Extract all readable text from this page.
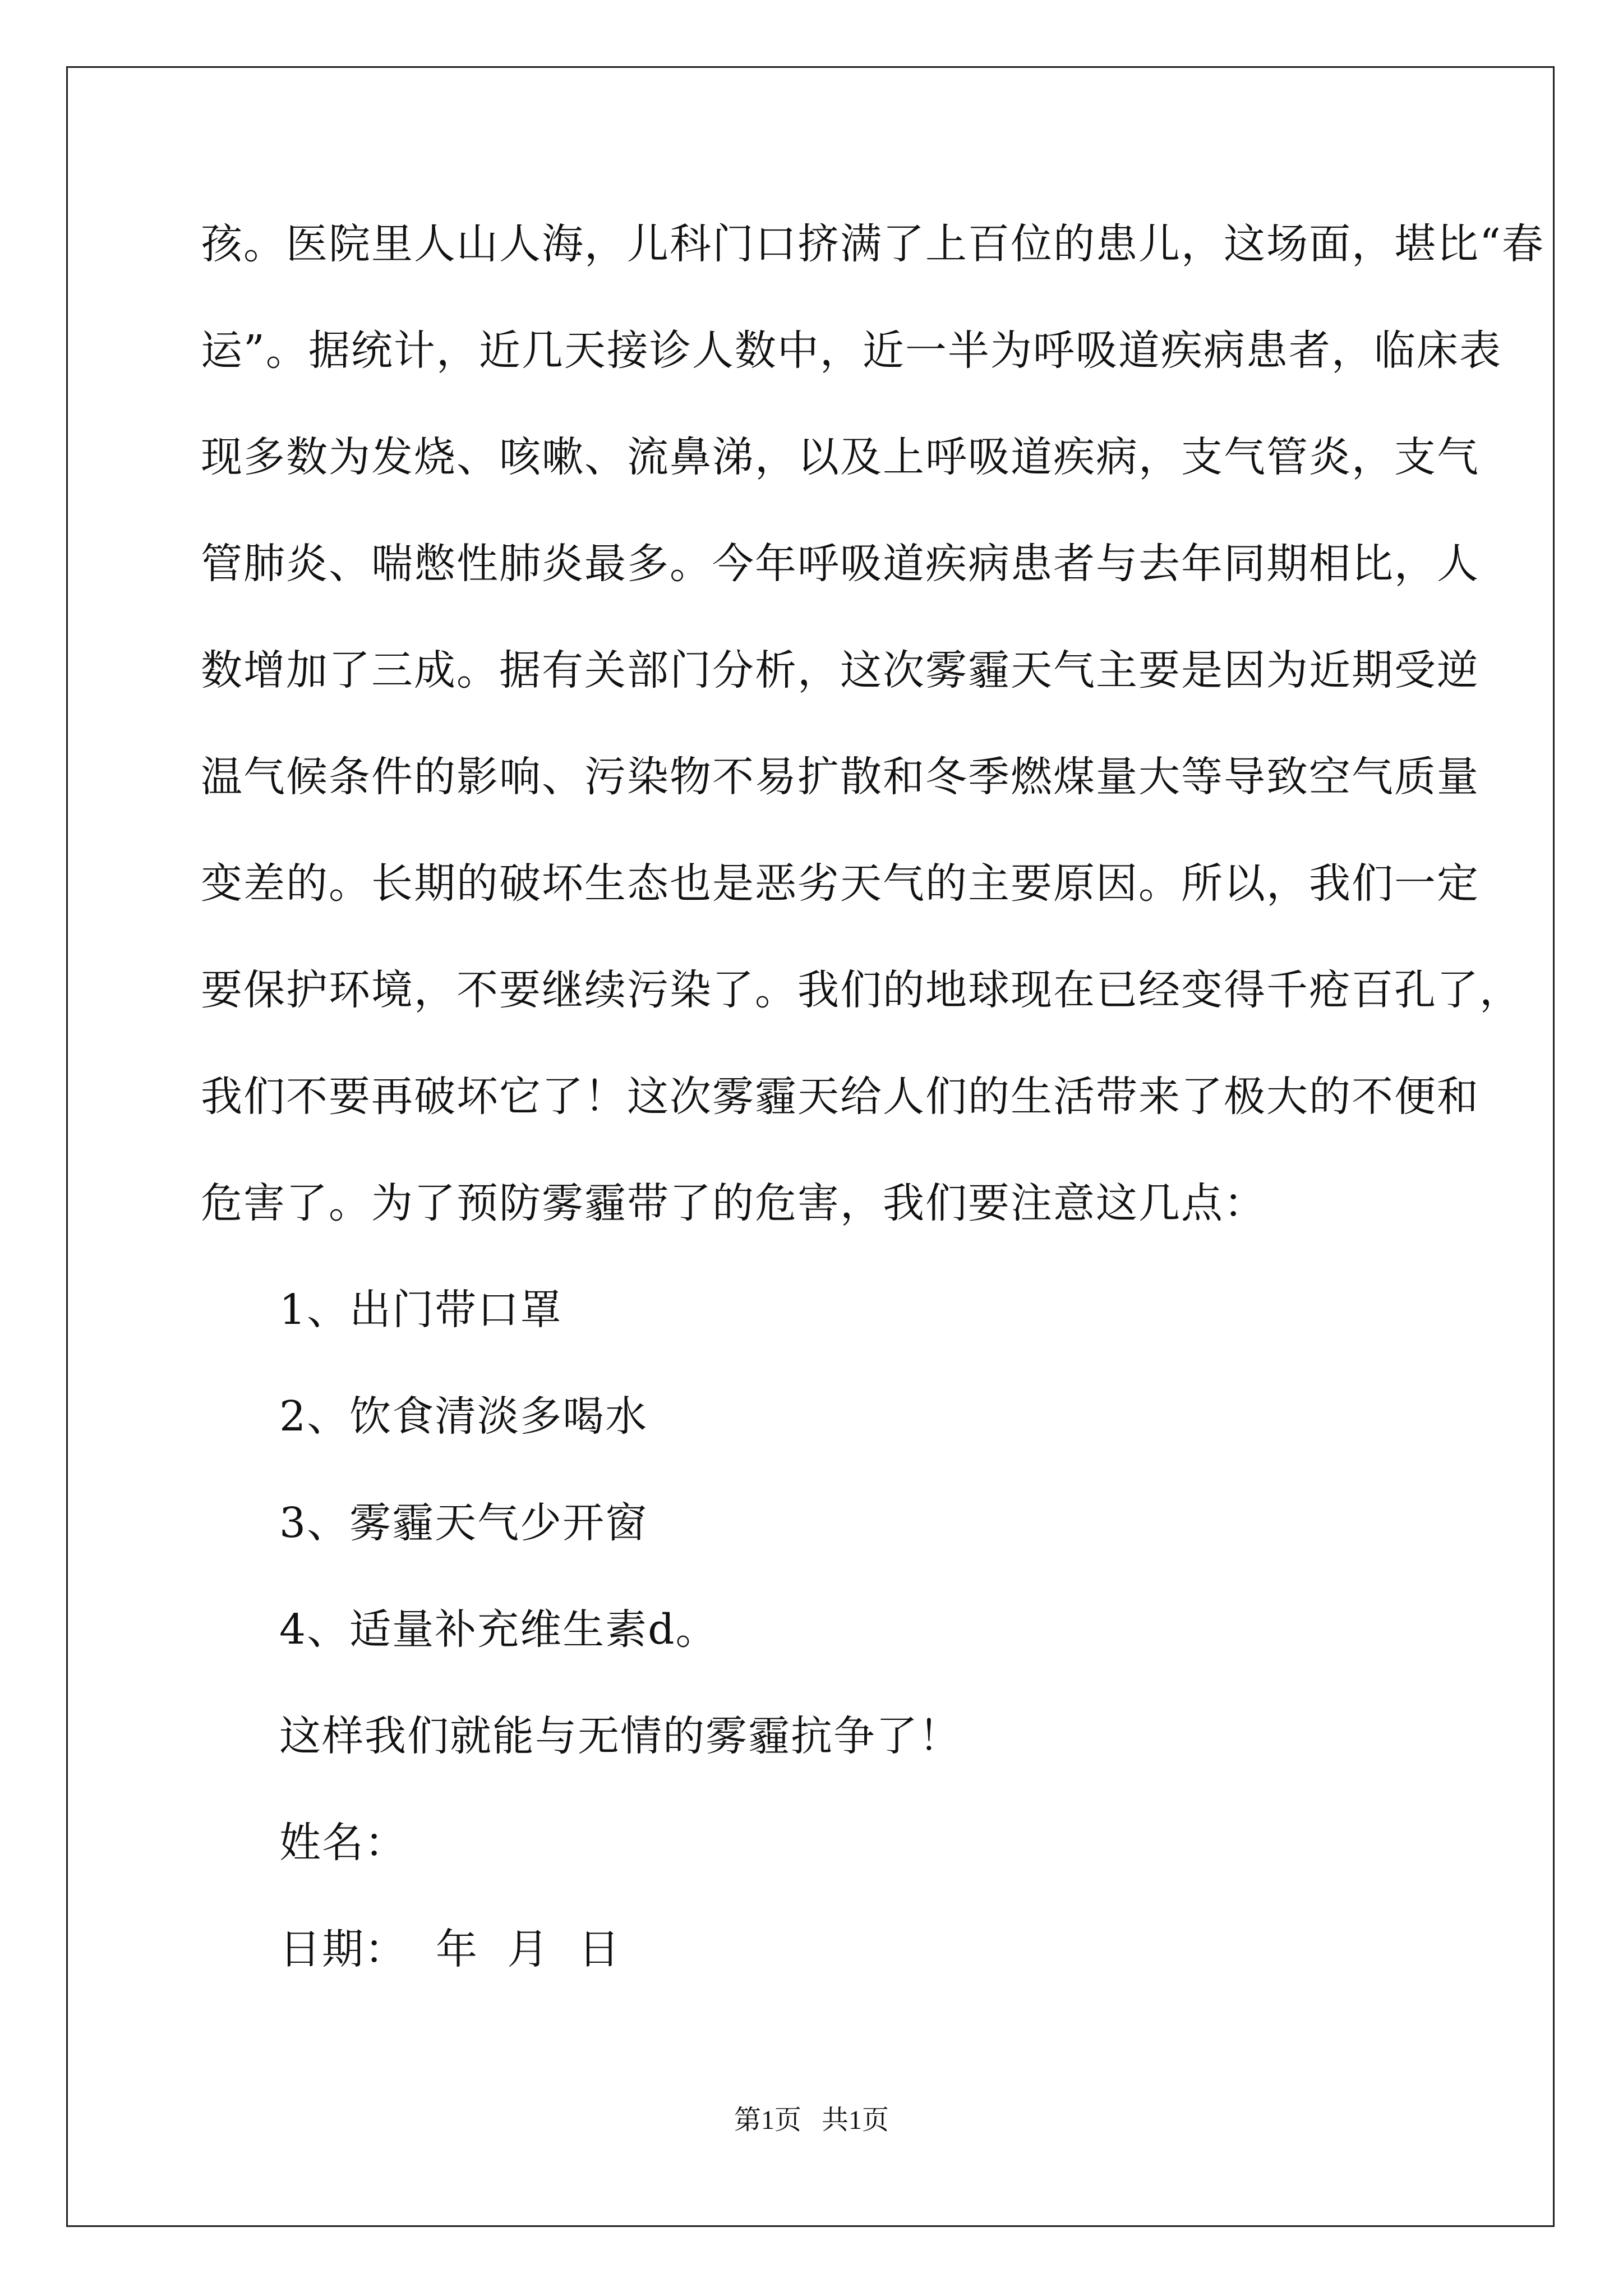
孩。医院里人山人海，儿科门口挤满了上百位的患儿，这场面，堪比“春
运”。据统计，近几天接诊人数中，近一半为呼吸道疾病患者，临床表
现多数为发烧、咳嗽、流鼻涕，以及上呼吸道疾病，支气管炎，支气
管肺炎、喘憋性肺炎最多。今年呼吸道疾病患者与去年同期相比，人
数增加了三成。据有关部门分析，这次雾霾天气主要是因为近期受逆
温气候条件的影响、污染物不易扩散和冬季燃煤量大等导致空气质量
变差的。长期的破坏生态也是恶劣天气的主要原因。所以，我们一定
要保护环境，不要继续污染了。我们的地球现在已经变得千疮百孔了，
我们不要再破坏它了！这次雾霾天给人们的生活带来了极大的不便和
危害了。为了预防雾霾带了的危害，我们要注意这几点：
1、出门带口罩
2、饮食清淡多喝水
3、雾霾天气少开窗
4、适量补充维生素d。
这样我们就能与无情的雾霾抗争了！
姓名：
日期：  年  月  日
第1页   共1页
